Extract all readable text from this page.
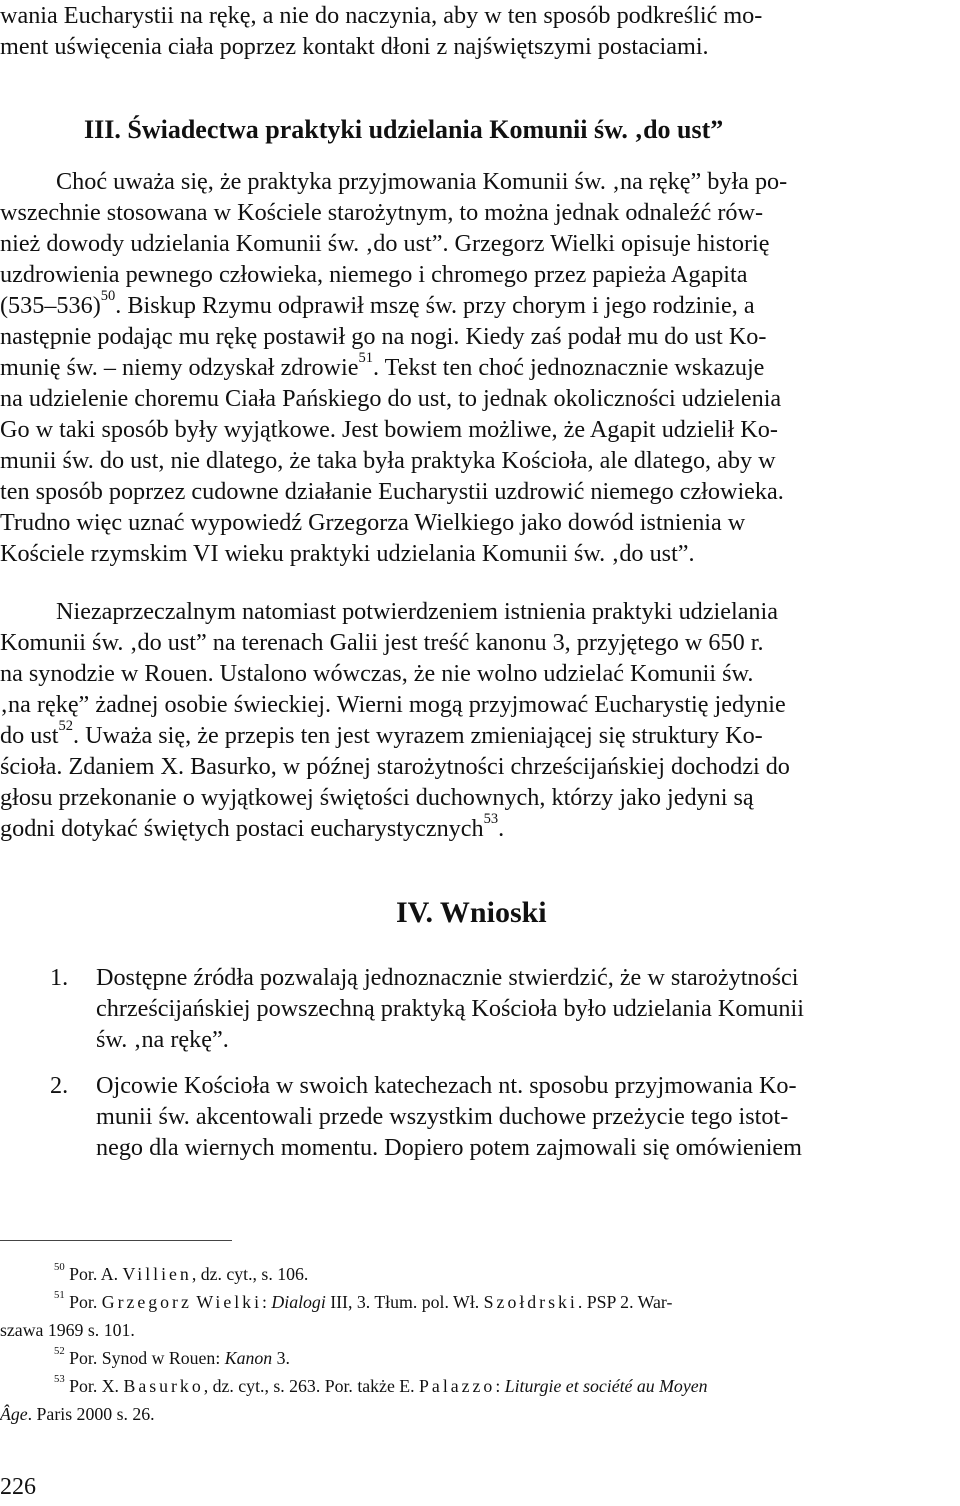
wania Eucharystii na rękę, a nie do naczynia, aby w ten sposób podkreślić mo-
ment uświęcenia ciała poprzez kontakt dłoni z najświętszymi postaciami.
III. Świadectwa praktyki udzielania Komunii św. ‚do ust”
Choć uważa się, że praktyka przyjmowania Komunii św. ‚na rękę” była po-
wszechnie stosowana w Kościele starożytnym, to można jednak odnaleźć rów-
nież dowody udzielania Komunii św. ‚do ust”. Grzegorz Wielki opisuje historię
uzdrowienia pewnego człowieka, niemego i chromego przez papieża Agapita
$(535-536)^{50}$. Biskup Rzymu odprawił mszę św. przy chorym i jego rodzinie, a
następnie podając mu rękę postawił go na nogi. Kiedy zaś podał mu do ust Ko-
munię św. – niemy odzyskał zdrowie$^{51}$. Tekst ten choć jednoznacznie wskazuje
na udzielenie choremu Ciała Pańskiego do ust, to jednak okoliczności udzielenia
Go w taki sposób były wyjątkowe. Jest bowiem możliwe, że Agapit udzielił Ko-
munii św. do ust, nie dlatego, że taka była praktyka Kościoła, ale dlatego, aby w
ten sposób poprzez cudowne działanie Eucharystii uzdrowić niemego człowieka.
Trudno więc uznać wypowiedź Grzegorza Wielkiego jako dowód istnienia w
Kościele rzymskim VI wieku praktyki udzielania Komunii św. ‚do ust”.
Niezaprzeczalnym natomiast potwierdzeniem istnienia praktyki udzielania
Komunii św. ‚do ust” na terenach Galii jest treść kanonu 3, przyjętego w 650 r.
na synodzie w Rouen. Ustalono wówczas, że nie wolno udzielać Komunii św.
‚na rękę” żadnej osobie świeckiej. Wierni mogą przyjmować Eucharystię jedynie
do ust$^{52}$. Uważa się, że przepis ten jest wyrazem zmieniającej się struktury Ko-
ścioła. Zdaniem X. Basurko, w późnej starożytności chrześcijańskiej dochodzi do
głosu przekonanie o wyjątkowej świętości duchownych, którzy jako jedyni są
godni dotykać świętych postaci eucharystycznych$^{53}$.
IV. Wnioski
1. Dostępne źródła pozwalają jednoznacznie stwierdzić, że w starożytności
chrześcijańskiej powszechną praktyką Kościoła było udzielania Komunii
św. ‚na rękę”.
2. Ojcowie Kościoła w swoich katechezach nt. sposobu przyjmowania Ko-
munii św. akcentowali przede wszystkim duchowe przeżycie tego istot-
nego dla wiernych momentu. Dopiero potem zajmowali się omówieniem
$^{50}$ Por. A. Villien, dz. cyt., s. 106.
$^{51}$ Por. Grzegorz Wielki: Dialogi III, 3. Tłum. pol. Wł. Szołdrski. PSP 2. War-
szawa 1969 s. 101.
$^{52}$ Por. Synod w Rouen: Kanon 3.
$^{53}$ Por. X. Basurko, dz. cyt., s. 263. Por. także E. Palazzo: Liturgie et société au Moyen
Âge. Paris 2000 s. 26.
226
